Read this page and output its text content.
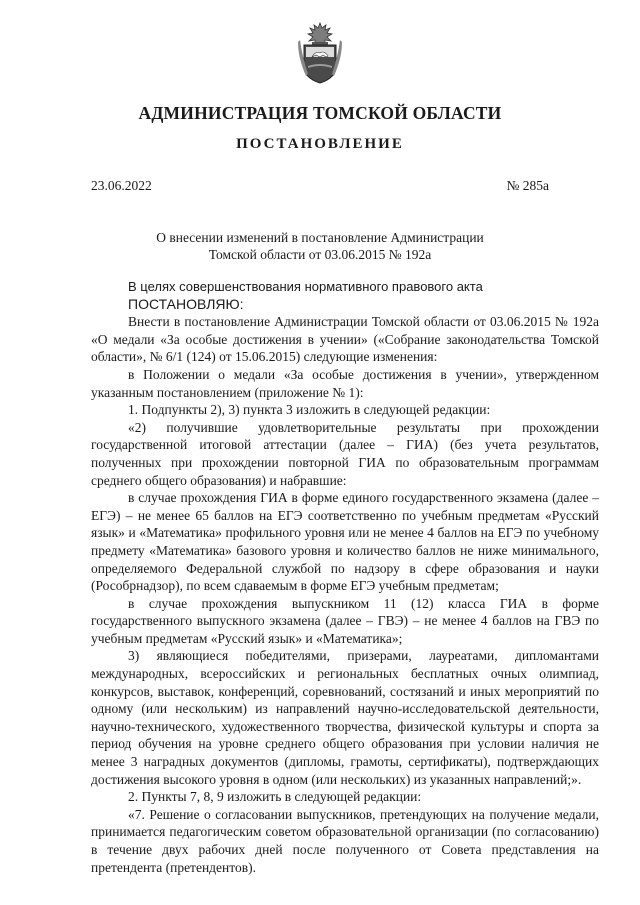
АДМИНИСТРАЦИЯ ТОМСКОЙ ОБЛАСТИ
ПОСТАНОВЛЕНИЕ
23.06.2022	№ 285а
О внесении изменений в постановление Администрации
Томской области от 03.06.2015 № 192а

В целях совершенствования нормативного правового акта

ПОСТАНОВЛЯЮ:

Внести в постановление Администрации Томской области от 03.06.2015 № 192а «О медали «За особые достижения в учении» («Собрание законодательства Томской области», № 6/1 (124) от 15.06.2015) следующие изменения:

в Положении о медали «За особые достижения в учении», утвержденном указанным постановлением (приложение № 1):

1. Подпункты 2), 3) пункта 3 изложить в следующей редакции:

«2) получившие удовлетворительные результаты при прохождении государственной итоговой аттестации (далее – ГИА) (без учета результатов, полученных при прохождении повторной ГИА по образовательным программам среднего общего образования) и набравшие:

в случае прохождения ГИА в форме единого государственного экзамена (далее – ЕГЭ) – не менее 65 баллов на ЕГЭ соответственно по учебным предметам «Русский язык» и «Математика» профильного уровня или не менее 4 баллов на ЕГЭ по учебному предмету «Математика» базового уровня и количество баллов не ниже минимального, определяемого Федеральной службой по надзору в сфере образования и науки (Рособрнадзор), по всем сдаваемым в форме ЕГЭ учебным предметам;

в случае прохождения выпускником 11 (12) класса ГИА в форме государственного выпускного экзамена (далее – ГВЭ) – не менее 4 баллов на ГВЭ по учебным предметам «Русский язык» и «Математика»;

3) являющиеся победителями, призерами, лауреатами, дипломантами международных, всероссийских и региональных бесплатных очных олимпиад, конкурсов, выставок, конференций, соревнований, состязаний и иных мероприятий по одному (или нескольким) из направлений научно-исследовательской деятельности, научно-технического, художественного творчества, физической культуры и спорта за период обучения на уровне среднего общего образования при условии наличия не менее 3 наградных документов (дипломы, грамоты, сертификаты), подтверждающих достижения высокого уровня в одном (или нескольких) из указанных направлений;».

2. Пункты 7, 8, 9 изложить в следующей редакции:

«7. Решение о согласовании выпускников, претендующих на получение медали, принимается педагогическим советом образовательной организации (по согласованию) в течение двух рабочих дней после полученного от Совета представления на претендента (претендентов).
